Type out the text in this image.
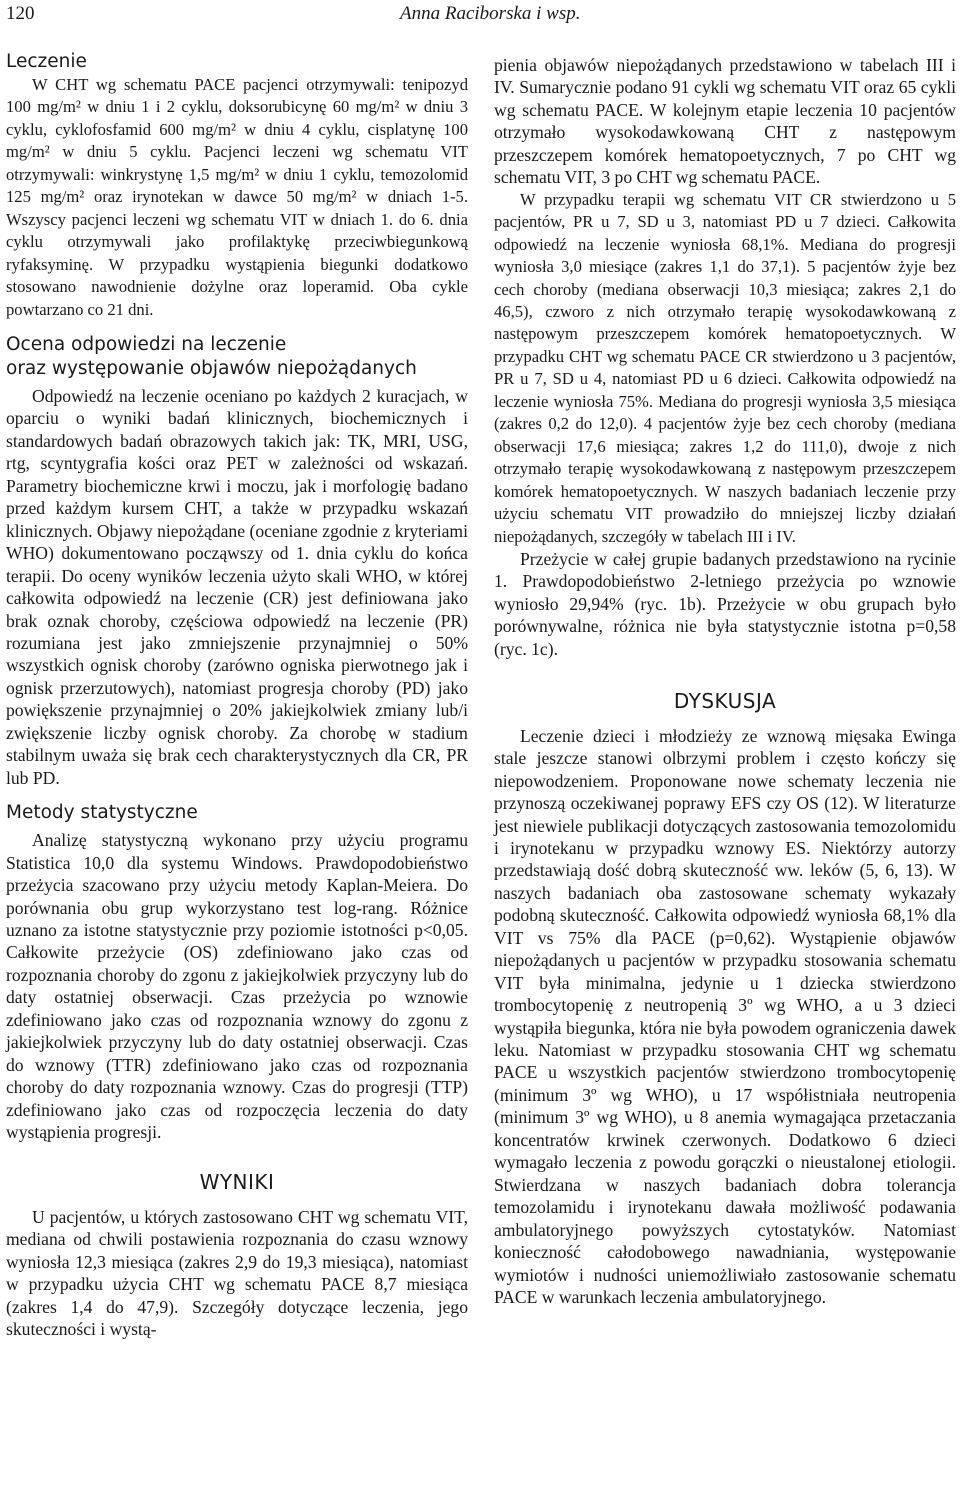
120	Anna Raciborska i wsp.
Leczenie

W CHT wg schematu PACE pacjenci otrzymywali: tenipozyd 100 mg/m² w dniu 1 i 2 cyklu, doksorubicynę 60 mg/m² w dniu 3 cyklu, cyklofosfamid 600 mg/m² w dniu 4 cyklu, cisplatynę 100 mg/m² w dniu 5 cyklu. Pacjenci leczeni wg schematu VIT otrzymywali: winkrystynę 1,5 mg/m² w dniu 1 cyklu, temozolomid 125 mg/m² oraz irynotekan w dawce 50 mg/m² w dniach 1-5. Wszyscy pacjenci leczeni wg schematu VIT w dniach 1. do 6. dnia cyklu otrzymywali jako profilaktykę przeciwbiegunkową ryfaksyminę. W przypadku wystąpienia biegunki dodatkowo stosowano nawodnienie dożylne oraz loperamid. Oba cykle powtarzano co 21 dni.

Ocena odpowiedzi na leczenie
oraz występowanie objawów niepożądanych

Odpowiedź na leczenie oceniano po każdych 2 kuracjach, w oparciu o wyniki badań klinicznych, biochemicznych i standardowych badań obrazowych takich jak: TK, MRI, USG, rtg, scyntygrafia kości oraz PET w zależności od wskazań. Parametry biochemiczne krwi i moczu, jak i morfologię badano przed każdym kursem CHT, a także w przypadku wskazań klinicznych. Objawy niepożądane (oceniane zgodnie z kryteriami WHO) dokumentowano począwszy od 1. dnia cyklu do końca terapii. Do oceny wyników leczenia użyto skali WHO, w której całkowita odpowiedź na leczenie (CR) jest definiowana jako brak oznak choroby, częściowa odpowiedź na leczenie (PR) rozumiana jest jako zmniejszenie przynajmniej o 50% wszystkich ognisk choroby (zarówno ogniska pierwotnego jak i ognisk przerzutowych), natomiast progresja choroby (PD) jako powiększenie przynajmniej o 20% jakiejkolwiek zmiany lub/i zwiększenie liczby ognisk choroby. Za chorobę w stadium stabilnym uważa się brak cech charakterystycznych dla CR, PR lub PD.

Metody statystyczne

Analizę statystyczną wykonano przy użyciu programu Statistica 10,0 dla systemu Windows. Prawdopodobieństwo przeżycia szacowano przy użyciu metody Kaplan-Meiera. Do porównania obu grup wykorzystano test log-rang. Różnice uznano za istotne statystycznie przy poziomie istotności p<0,05. Całkowite przeżycie (OS) zdefiniowano jako czas od rozpoznania choroby do zgonu z jakiejkolwiek przyczyny lub do daty ostatniej obserwacji. Czas przeżycia po wznowie zdefiniowano jako czas od rozpoznania wznowy do zgonu z jakiejkolwiek przyczyny lub do daty ostatniej obserwacji. Czas do wznowy (TTR) zdefiniowano jako czas od rozpoznania choroby do daty rozpoznania wznowy. Czas do progresji (TTP) zdefiniowano jako czas od rozpoczęcia leczenia do daty wystąpienia progresji.

WYNIKI

U pacjentów, u których zastosowano CHT wg schematu VIT, mediana od chwili postawienia rozpoznania do czasu wznowy wyniosła 12,3 miesiąca (zakres 2,9 do 19,3 miesiąca), natomiast w przypadku użycia CHT wg schematu PACE 8,7 miesiąca (zakres 1,4 do 47,9). Szczegóły dotyczące leczenia, jego skuteczności i wystą-

pienia objawów niepożądanych przedstawiono w tabelach III i IV. Sumarycznie podano 91 cykli wg schematu VIT oraz 65 cykli wg schematu PACE. W kolejnym etapie leczenia 10 pacjentów otrzymało wysokodawkowaną CHT z następowym przeszczepem komórek hematopoetycznych, 7 po CHT wg schematu VIT, 3 po CHT wg schematu PACE.

W przypadku terapii wg schematu VIT CR stwierdzono u 5 pacjentów, PR u 7, SD u 3, natomiast PD u 7 dzieci. Całkowita odpowiedź na leczenie wyniosła 68,1%. Mediana do progresji wyniosła 3,0 miesiące (zakres 1,1 do 37,1). 5 pacjentów żyje bez cech choroby (mediana obserwacji 10,3 miesiąca; zakres 2,1 do 46,5), czworo z nich otrzymało terapię wysokodawkowaną z następowym przeszczepem komórek hematopoetycznych. W przypadku CHT wg schematu PACE CR stwierdzono u 3 pacjentów, PR u 7, SD u 4, natomiast PD u 6 dzieci. Całkowita odpowiedź na leczenie wyniosła 75%. Mediana do progresji wyniosła 3,5 miesiąca (zakres 0,2 do 12,0). 4 pacjentów żyje bez cech choroby (mediana obserwacji 17,6 miesiąca; zakres 1,2 do 111,0), dwoje z nich otrzymało terapię wysokodawkowaną z następowym przeszczepem komórek hematopoetycznych. W naszych badaniach leczenie przy użyciu schematu VIT prowadziło do mniejszej liczby działań niepożądanych, szczegóły w tabelach III i IV.

Przeżycie w całej grupie badanych przedstawiono na rycinie 1. Prawdopodobieństwo 2-letniego przeżycia po wznowie wyniosło 29,94% (ryc. 1b). Przeżycie w obu grupach było porównywalne, różnica nie była statystycznie istotna p=0,58 (ryc. 1c).

DYSKUSJA

Leczenie dzieci i młodzieży ze wznową mięsaka Ewinga stale jeszcze stanowi olbrzymi problem i często kończy się niepowodzeniem. Proponowane nowe schematy leczenia nie przynoszą oczekiwanej poprawy EFS czy OS (12). W literaturze jest niewiele publikacji dotyczących zastosowania temozolomidu i irynotekanu w przypadku wznowy ES. Niektórzy autorzy przedstawiają dość dobrą skuteczność ww. leków (5, 6, 13). W naszych badaniach oba zastosowane schematy wykazały podobną skuteczność. Całkowita odpowiedź wyniosła 68,1% dla VIT vs 75% dla PACE (p=0,62). Wystąpienie objawów niepożądanych u pacjentów w przypadku stosowania schematu VIT była minimalna, jedynie u 1 dziecka stwierdzono trombocytopenię z neutropenią 3º wg WHO, a u 3 dzieci wystąpiła biegunka, która nie była powodem ograniczenia dawek leku. Natomiast w przypadku stosowania CHT wg schematu PACE u wszystkich pacjentów stwierdzono trombocytopenię (minimum 3º wg WHO), u 17 współistniała neutropenia (minimum 3º wg WHO), u 8 anemia wymagająca przetaczania koncentratów krwinek czerwonych. Dodatkowo 6 dzieci wymagało leczenia z powodu gorączki o nieustalonej etiologii. Stwierdzana w naszych badaniach dobra tolerancja temozolamidu i irynotekanu dawała możliwość podawania ambulatoryjnego powyższych cytostatyków. Natomiast konieczność całodobowego nawadniania, występowanie wymiotów i nudności uniemożliwiało zastosowanie schematu PACE w warunkach leczenia ambulatoryjnego.
